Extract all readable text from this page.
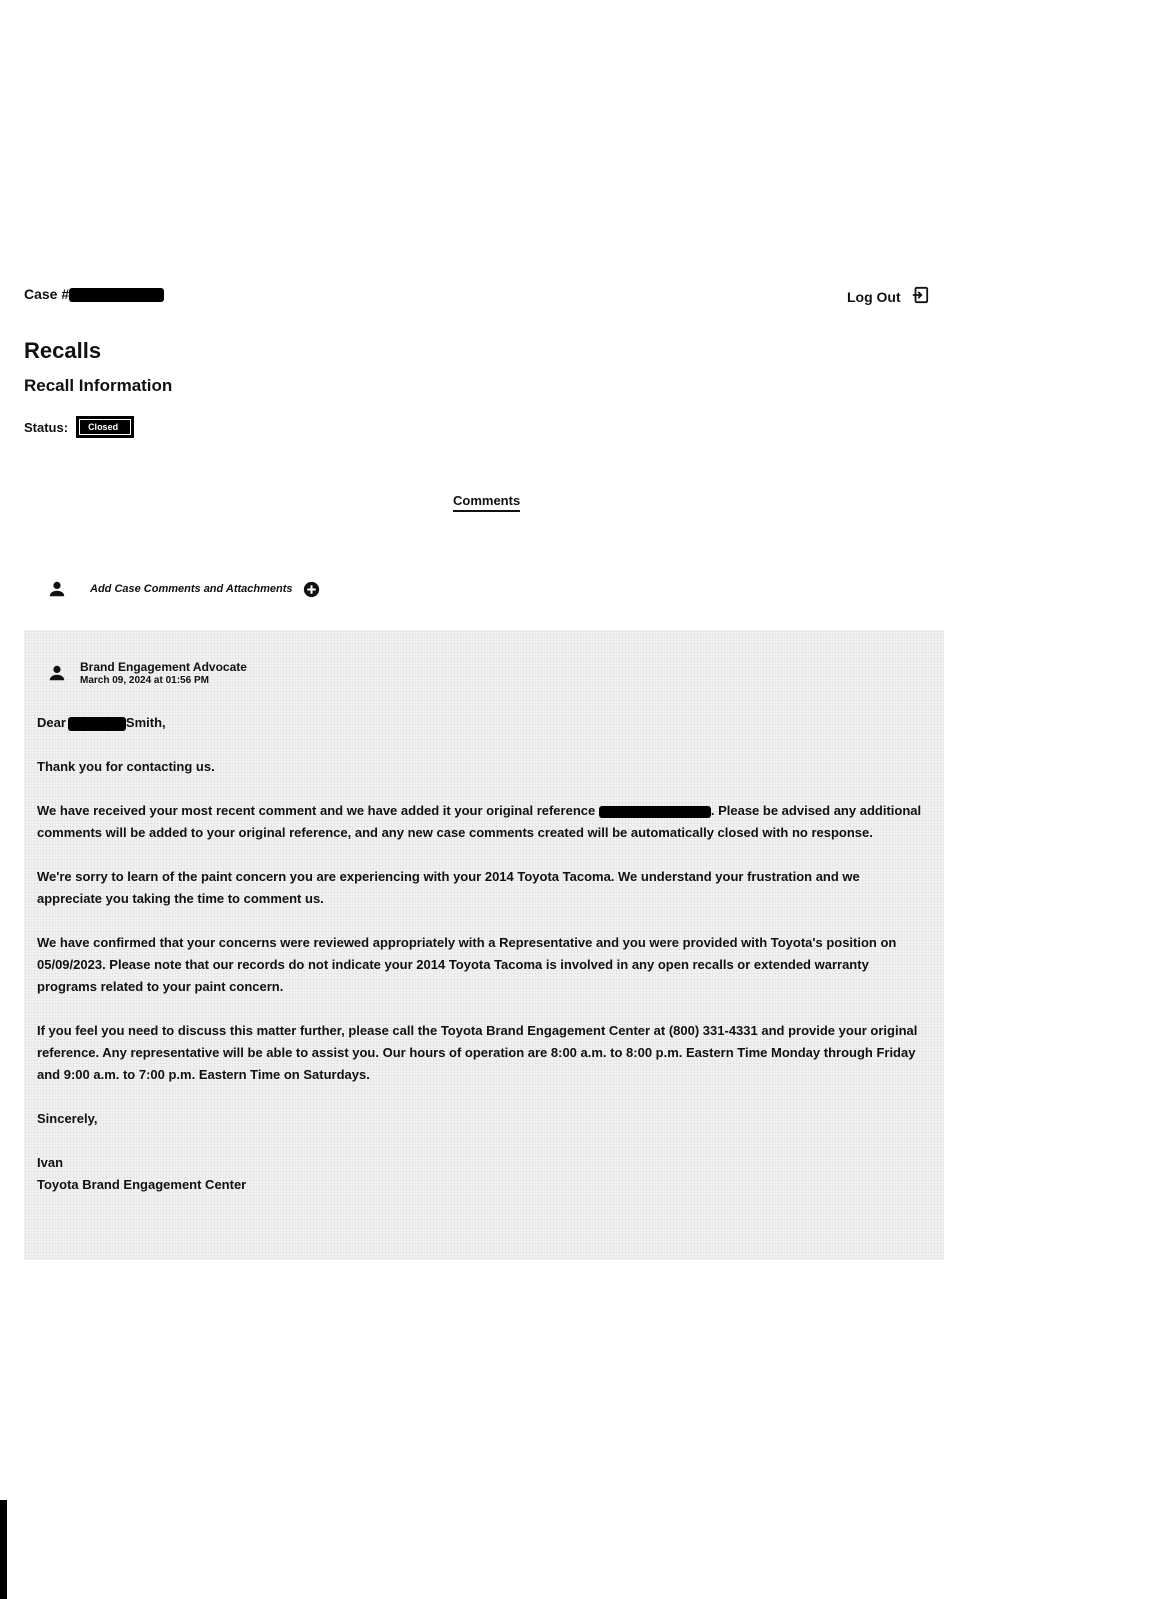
Case #	Log Out
Recalls
Recall Information
Status:	Closed
Comments
Add Case Comments and Attachments
Brand Engagement Advocate
March 09, 2024 at 01:56 PM

Dear	Smith,

Thank you for contacting us.

We have received your most recent comment and we have added it your original reference	. Please be advised any additional comments will be added to your original reference, and any new case comments created will be automatically closed with no response.

We're sorry to learn of the paint concern you are experiencing with your 2014 Toyota Tacoma. We understand your frustration and we appreciate you taking the time to comment us.

We have confirmed that your concerns were reviewed appropriately with a Representative and you were provided with Toyota's position on 05/09/2023. Please note that our records do not indicate your 2014 Toyota Tacoma is involved in any open recalls or extended warranty programs related to your paint concern.

If you feel you need to discuss this matter further, please call the Toyota Brand Engagement Center at (800) 331-4331 and provide your original reference. Any representative will be able to assist you. Our hours of operation are 8:00 a.m. to 8:00 p.m. Eastern Time Monday through Friday and 9:00 a.m. to 7:00 p.m. Eastern Time on Saturdays.

Sincerely,

Ivan

Toyota Brand Engagement Center
